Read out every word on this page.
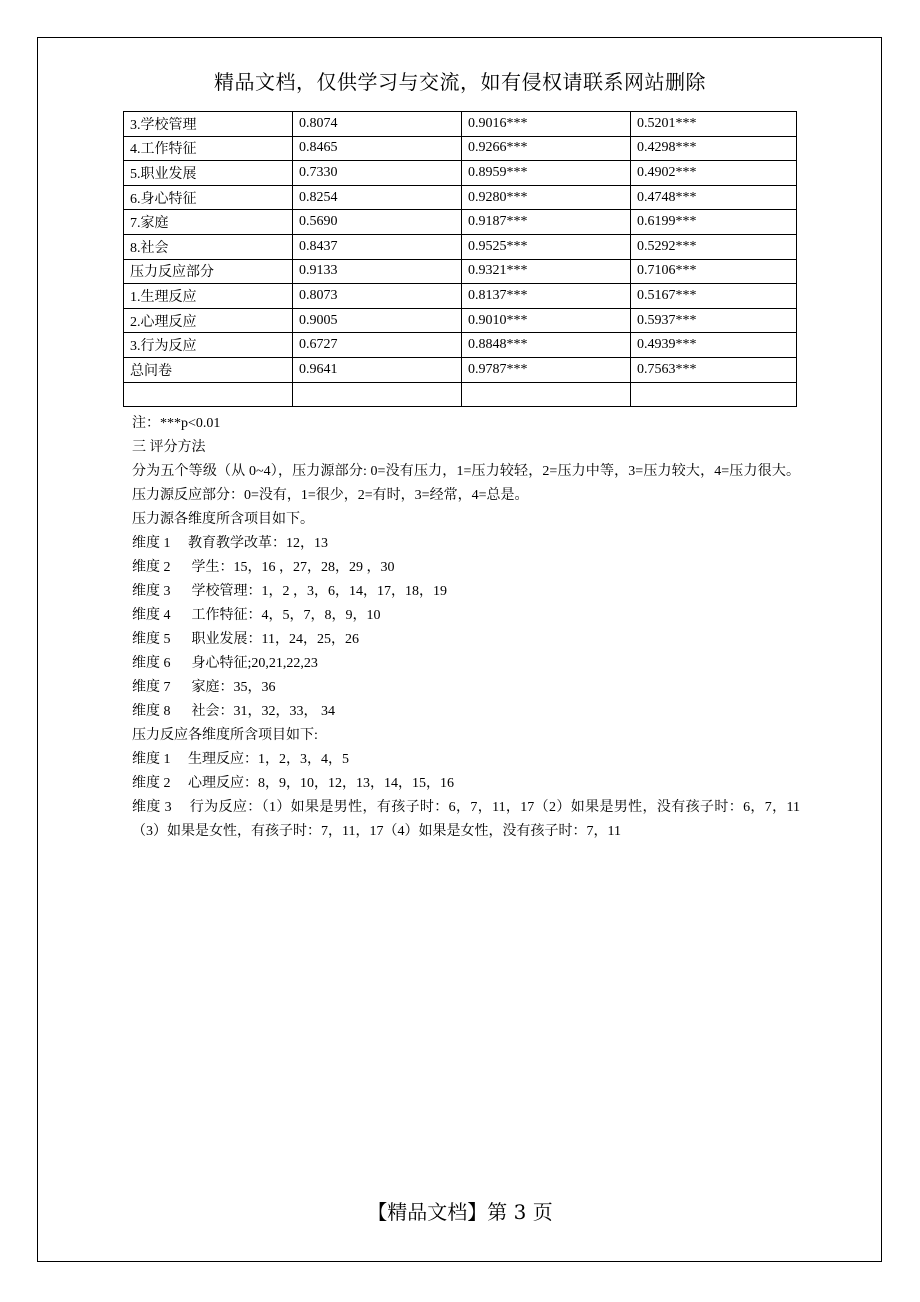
精品文档，仅供学习与交流，如有侵权请联系网站删除
3.学校管理	0.8074	0.9016***	0.5201***
4.工作特征	0.8465	0.9266***	0.4298***
5.职业发展	0.7330	0.8959***	0.4902***
6.身心特征	0.8254	0.9280***	0.4748***
7.家庭	0.5690	0.9187***	0.6199***
8.社会	0.8437	0.9525***	0.5292***
压力反应部分	0.9133	0.9321***	0.7106***
1.生理反应	0.8073	0.8137***	0.5167***
2.心理反应	0.9005	0.9010***	0.5937***
3.行为反应	0.6727	0.8848***	0.4939***
总问卷	0.9641	0.9787***	0.7563***

注：***p<0.01

三 评分方法

分为五个等级（从 0~4），压力源部分: 0=没有压力，1=压力较轻，2=压力中等，3=压力较大，4=压力很大。压力源反应部分：0=没有，1=很少，2=有时，3=经常，4=总是。

压力源各维度所含项目如下。

维度 1 教育教学改革：12，13

维度 2 学生：15，16 ，27，28，29 ，30

维度 3 学校管理：1，2 ，3，6，14，17，18，19

维度 4 工作特征：4，5，7，8，9，10

维度 5 职业发展：11，24，25，26

维度 6 身心特征;20,21,22,23

维度 7 家庭：35，36

维度 8 社会：31，32，33， 34

压力反应各维度所含项目如下:

维度 1 生理反应：1，2，3，4，5

维度 2 心理反应：8，9，10，12，13，14，15，16

维度 3 　行为反应：（1）如果是男性，有孩子时：6，7，11，17（2）如果是男性，没有孩子时：6，7，11（3）如果是女性，有孩子时：7，11，17（4）如果是女性，没有孩子时：7，11

【精品文档】第 3 页
